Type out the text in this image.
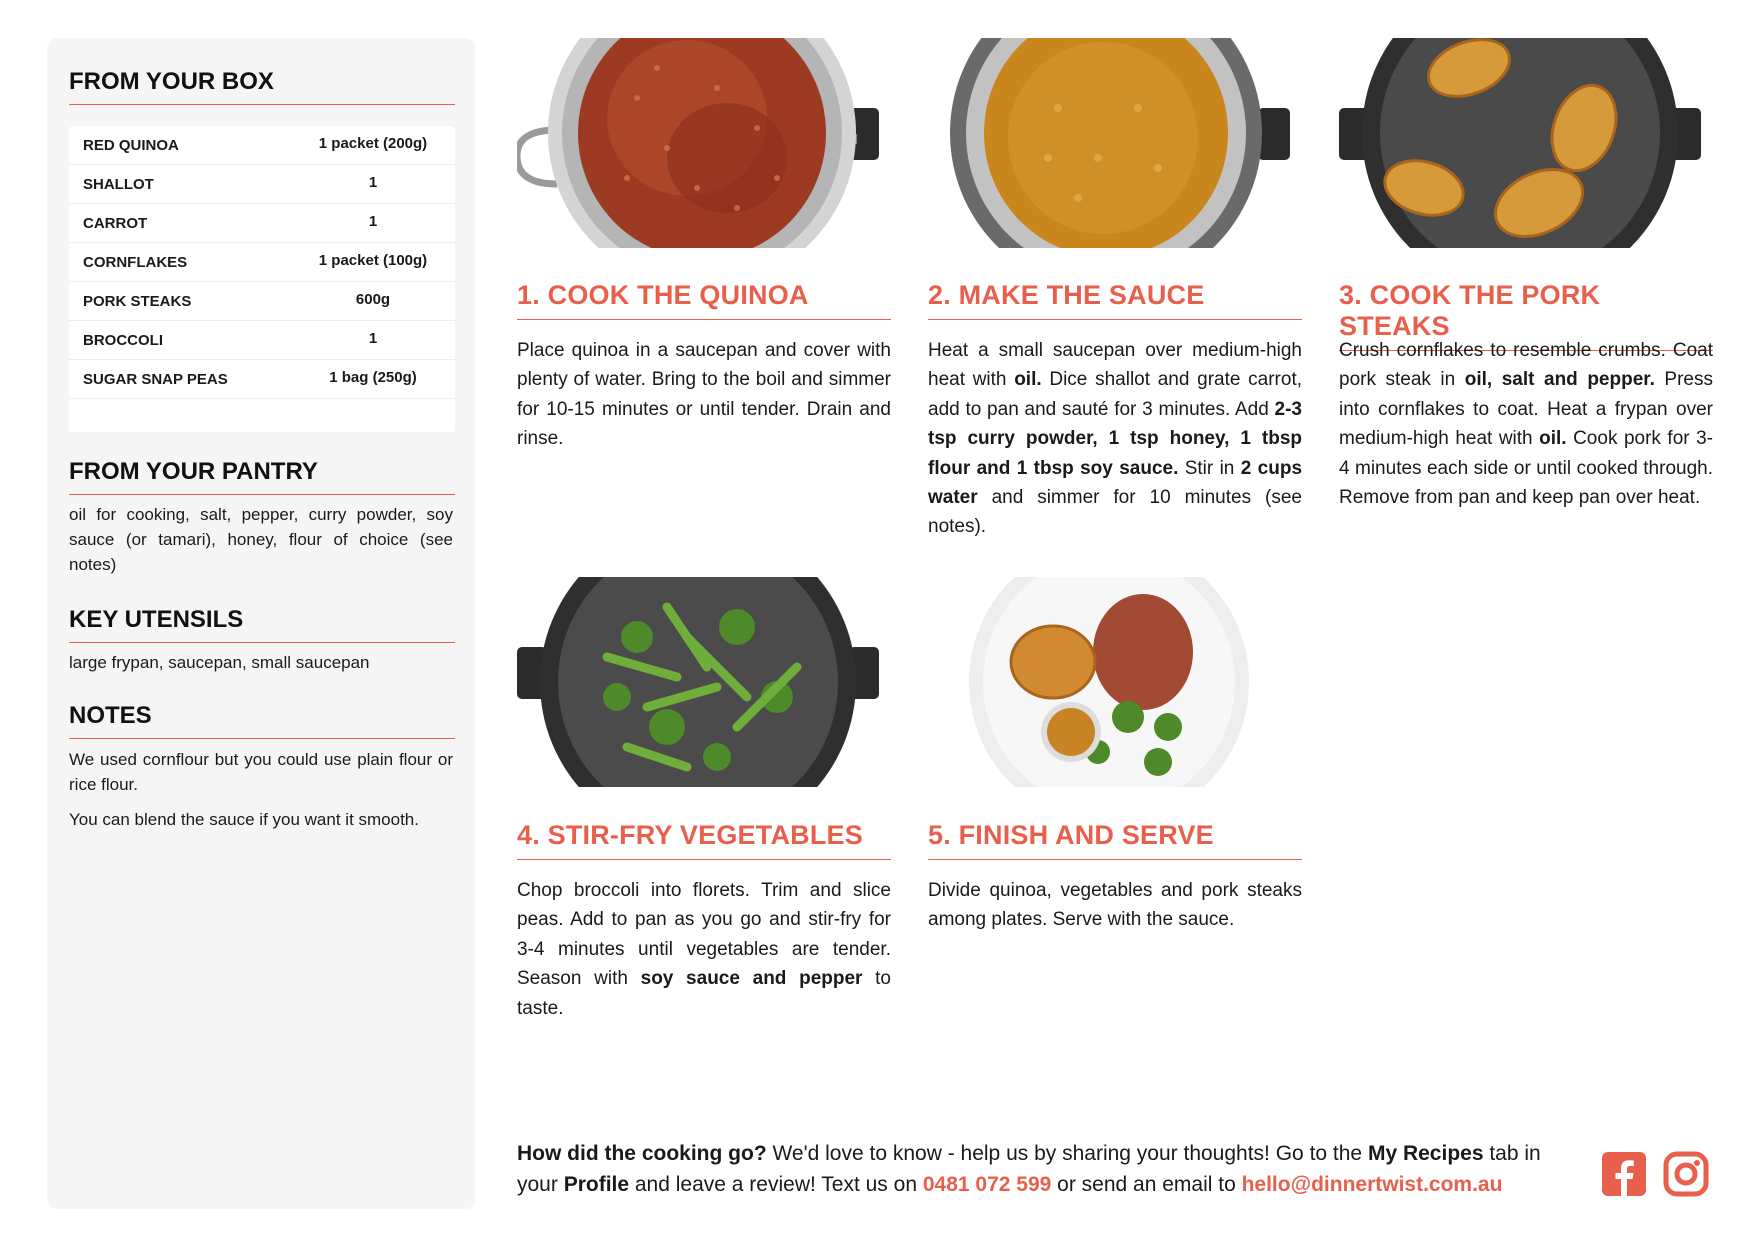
FROM YOUR BOX
RED QUINOA	1 packet (200g)
SHALLOT	1
CARROT	1
CORNFLAKES	1 packet (100g)
PORK STEAKS	600g
BROCCOLI	1
SUGAR SNAP PEAS	1 bag (250g)
FROM YOUR PANTRY
oil for cooking, salt, pepper, curry powder, soy sauce (or tamari), honey, flour of choice (see notes)
KEY UTENSILS
large frypan, saucepan, small saucepan
NOTES
We used cornflour but you could use plain flour or rice flour.
You can blend the sauce if you want it smooth.
1. COOK THE QUINOA
Place quinoa in a saucepan and cover with plenty of water. Bring to the boil and simmer for 10-15 minutes or until tender. Drain and rinse.
2. MAKE THE SAUCE
Heat a small saucepan over medium-high heat with oil. Dice shallot and grate carrot, add to pan and sauté for 3 minutes. Add 2-3 tsp curry powder, 1 tsp honey, 1 tbsp flour and 1 tbsp soy sauce. Stir in 2 cups water and simmer for 10 minutes (see notes).
3. COOK THE PORK STEAKS
Crush cornflakes to resemble crumbs. Coat pork steak in oil, salt and pepper. Press into cornflakes to coat. Heat a frypan over medium-high heat with oil. Cook pork for 3-4 minutes each side or until cooked through. Remove from pan and keep pan over heat.
4. STIR-FRY VEGETABLES
Chop broccoli into florets. Trim and slice peas. Add to pan as you go and stir-fry for 3-4 minutes until vegetables are tender. Season with soy sauce and pepper to taste.
5. FINISH AND SERVE
Divide quinoa, vegetables and pork steaks among plates. Serve with the sauce.
How did the cooking go? We'd love to know - help us by sharing your thoughts! Go to the My Recipes tab in your Profile and leave a review! Text us on 0481 072 599 or send an email to hello@dinnertwist.com.au
